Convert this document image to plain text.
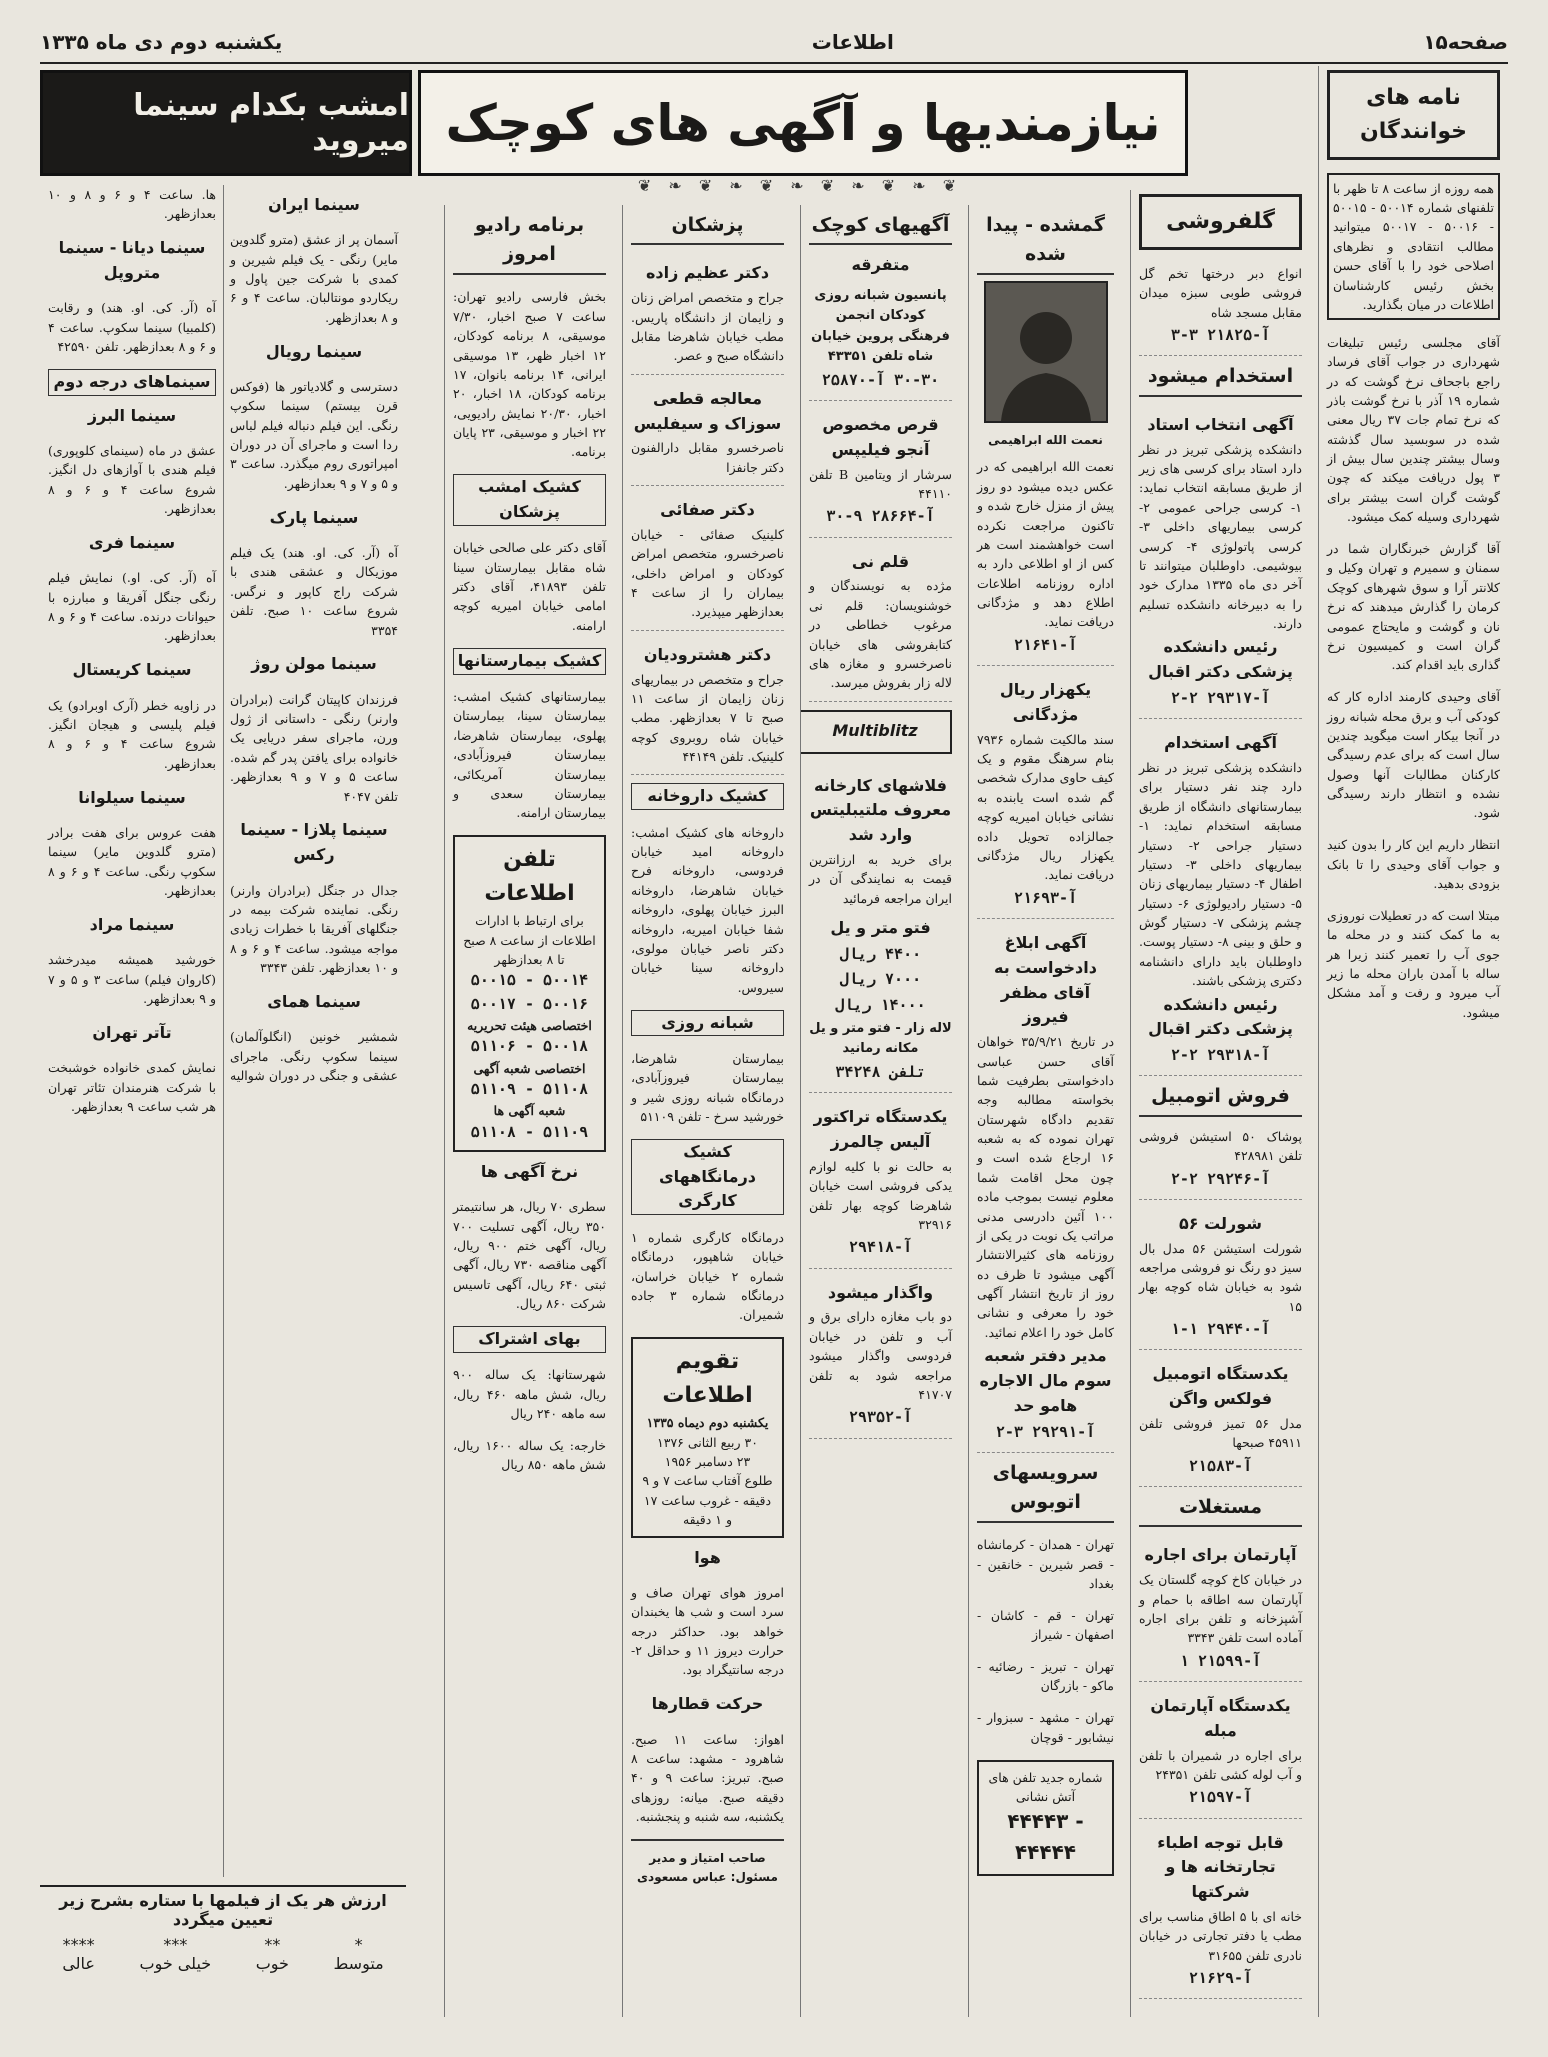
صفحه۱۵
اطلاعات
یکشنبه دوم دی ماه ۱۳۳۵
نیازمندیها و آگهی های کوچک
❦ ❧ ❦ ❧ ❦ ❧ ❦ ❧ ❦ ❧ ❦
امشب بکدام سینما میروید
نامه های خوانندگان

همه روزه از ساعت ۸ تا ظهر با تلفنهای شماره ۵۰۰۱۴ - ۵۰۰۱۵ - ۵۰۰۱۶ - ۵۰۰۱۷ میتوانید مطالب انتقادی و نظرهای اصلاحی خود را با آقای حسن بخش رئیس کارشناسان اطلاعات در میان بگذارید.

آقای مجلسی رئیس تبلیغات شهرداری در جواب آقای فرساد راجع باجحاف نرخ گوشت که در شماره ۱۹ آذر با نرخ گوشت باذر که نرخ تمام جات ۳۷ ریال معنی شده در سوبسید سال گذشته وسال بیشتر چندین سال بیش از ۳ پول دریافت میکند که چون گوشت گران است بیشتر برای شهرداری وسیله کمک میشود.

آقا گزارش خبرنگاران شما در سمنان و سمیرم و تهران وکیل و کلانتر آرا و سوق شهرهای کوچک کرمان را گذارش میدهند که نرخ نان و گوشت و مایحتاج عمومی گران است و کمیسیون نرخ گذاری باید اقدام کند.

آقای وحیدی کارمند اداره کار که کودکی آب و برق محله شبانه روز در آنجا بیکار است میگوید چندین سال است که برای عدم رسیدگی کارکنان مطالبات آنها وصول نشده و انتظار دارند رسیدگی شود.

انتظار داریم این کار را بدون کنید و جواب آقای وحیدی را تا بانک بزودی بدهید.

مبتلا است که در تعطیلات نوروزی به ما کمک کنند و در محله ما جوی آب را تعمیر کنند زیرا هر ساله با آمدن باران محله ما زیر آب میرود و رفت و آمد مشکل میشود.

گلفروشی

انواع دبر درختها تخم گل فروشی طوبی سبزه میدان مقابل مسجد شاه

آ-۲۱۸۲۵ ۳-۳

استخدام میشود
آگهی انتخاب استاد

دانشکده پزشکی تبریز در نظر دارد استاد برای کرسی های زیر از طریق مسابقه انتخاب نماید: ۱- کرسی جراحی عمومی ۲- کرسی بیماریهای داخلی ۳- کرسی پاتولوژی ۴- کرسی بیوشیمی. داوطلبان میتوانند تا آخر دی ماه ۱۳۳۵ مدارک خود را به دبیرخانه دانشکده تسلیم دارند.

رئیس دانشکده پزشکی دکتر اقبال

آ-۲۹۳۱۷ ۲-۲

آگهی استخدام

دانشکده پزشکی تبریز در نظر دارد چند نفر دستیار برای بیمارستانهای دانشگاه از طریق مسابقه استخدام نماید: ۱- دستیار جراحی ۲- دستیار بیماریهای داخلی ۳- دستیار اطفال ۴- دستیار بیماریهای زنان ۵- دستیار رادیولوژی ۶- دستیار چشم پزشکی ۷- دستیار گوش و حلق و بینی ۸- دستیار پوست. داوطلبان باید دارای دانشنامه دکتری پزشکی باشند.

رئیس دانشکده پزشکی دکتر اقبال

آ-۲۹۳۱۸ ۲-۲

فروش اتومبیل

پوشاک ۵۰ استیشن فروشی تلفن ۴۲۸۹۸۱

آ-۲۹۲۴۶ ۲-۲

شورلت ۵۶

شورلت استیشن ۵۶ مدل بال سیز دو رنگ نو فروشی مراجعه شود به خیابان شاه کوچه بهار ۱۵

آ-۲۹۴۴۰ ۱-۱

یکدستگاه اتومبیل فولکس واگن

مدل ۵۶ تمیز فروشی تلفن ۴۵۹۱۱ صبحها

آ-۲۱۵۸۳

مستغلات
آپارتمان برای اجاره

در خیابان کاخ کوچه گلستان یک آپارتمان سه اطاقه با حمام و آشپزخانه و تلفن برای اجاره آماده است تلفن ۳۳۴۳

آ-۲۱۵۹۹ ۱

یکدستگاه آپارتمان مبله

برای اجاره در شمیران با تلفن و آب لوله کشی تلفن ۲۴۳۵۱

آ-۲۱۵۹۷

قابل توجه اطباء تجارتخانه ها و شرکتها

خانه ای با ۵ اطاق مناسب برای مطب یا دفتر تجارتی در خیابان نادری تلفن ۳۱۶۵۵

آ-۲۱۶۲۹

گمشده - پیدا شده

نعمت الله ابراهیمی

نعمت الله ابراهیمی که در عکس دیده میشود دو روز پیش از منزل خارج شده و تاکنون مراجعت نکرده است خواهشمند است هر کس از او اطلاعی دارد به اداره روزنامه اطلاعات اطلاع دهد و مژدگانی دریافت نماید.

آ-۲۱۶۴۱

یکهزار ریال مژدگانی

سند مالکیت شماره ۷۹۳۶ بنام سرهنگ مقوم و یک کیف حاوی مدارک شخصی گم شده است یابنده به نشانی خیابان امیریه کوچه جمالزاده تحویل داده یکهزار ریال مژدگانی دریافت نماید.

آ-۲۱۶۹۳

آگهی ابلاغ دادخواست به آقای مظفر فیروز

در تاریخ ۳۵/۹/۲۱ خواهان آقای حسن عباسی دادخواستی بطرفیت شما بخواسته مطالبه وجه تقدیم دادگاه شهرستان تهران نموده که به شعبه ۱۶ ارجاع شده است و چون محل اقامت شما معلوم نیست بموجب ماده ۱۰۰ آئین دادرسی مدنی مراتب یک نوبت در یکی از روزنامه های کثیرالانتشار آگهی میشود تا ظرف ده روز از تاریخ انتشار آگهی خود را معرفی و نشانی کامل خود را اعلام نمائید.

مدیر دفتر شعبه سوم مال الاجاره هامو حد

آ-۲۹۲۹۱ ۳-۲

سرویسهای اتوبوس

تهران - همدان - کرمانشاه - قصر شیرین - خانقین - بغداد

تهران - قم - کاشان - اصفهان - شیراز

تهران - تبریز - رضائیه - ماکو - بازرگان

تهران - مشهد - سبزوار - نیشابور - قوچان

شماره جدید تلفن های آتش نشانی
۴۴۴۴۳ - ۴۴۴۴۴
آگهیهای کوچک
متفرقه

پانسیون شبانه روزی کودکان انجمن فرهنگی پروین خیابان شاه تلفن ۴۳۳۵۱

۳۰-۳۰ آ-۲۵۸۷۰

قرص مخصوص آنجو فیلیپس

سرشار از ویتامین B تلفن ۴۴۱۱۰

آ-۲۸۶۶۴ ۹-۳۰

قلم نی

مژده به نویسندگان و خوشنویسان: قلم نی مرغوب خطاطی در کتابفروشی های خیابان ناصرخسرو و مغازه های لاله زار بفروش میرسد.

Multiblitz
فلاشهای کارخانه معروف ملتیبلیتس وارد شد

برای خرید به ارزانترین قیمت به نمایندگی آن در ایران مراجعه فرمائید

فتو متر و یل

۴۴۰۰ ریال

۷۰۰۰ ریال

۱۴۰۰۰ ریال

لاله زار - فتو متر و یل مکانه رمانید

تلفن ۳۴۲۴۸

یکدستگاه تراکتور آلیس چالمرز

به حالت نو با کلیه لوازم یدکی فروشی است خیابان شاهرضا کوچه بهار تلفن ۳۲۹۱۶

آ-۲۹۴۱۸

واگذار میشود

دو باب مغازه دارای برق و آب و تلفن در خیابان فردوسی واگذار میشود مراجعه شود به تلفن ۴۱۷۰۷

آ-۲۹۳۵۲

پزشکان
دکتر عظیم زاده

جراح و متخصص امراض زنان و زایمان از دانشگاه پاریس. مطب خیابان شاهرضا مقابل دانشگاه صبح و عصر.

معالجه قطعی سوزاک و سیفلیس

ناصرخسرو مقابل دارالفنون دکتر جانفزا

دکتر صفائی

کلینیک صفائی - خیابان ناصرخسرو، متخصص امراض کودکان و امراض داخلی، بیماران را از ساعت ۴ بعدازظهر میپذیرد.

دکتر هشترودیان

جراح و متخصص در بیماریهای زنان زایمان از ساعت ۱۱ صبح تا ۷ بعدازظهر. مطب خیابان شاه روبروی کوچه کلینیک. تلفن ۴۴۱۴۹

کشیک داروخانه

داروخانه های کشیک امشب: داروخانه امید خیابان فردوسی، داروخانه فرح خیابان شاهرضا، داروخانه البرز خیابان پهلوی، داروخانه شفا خیابان امیریه، داروخانه دکتر ناصر خیابان مولوی، داروخانه سینا خیابان سیروس.

شبانه روزی

بیمارستان شاهرضا، بیمارستان فیروزآبادی، درمانگاه شبانه روزی شیر و خورشید سرخ - تلفن ۵۱۱۰۹

کشیک درمانگاههای کارگری

درمانگاه کارگری شماره ۱ خیابان شاهپور، درمانگاه شماره ۲ خیابان خراسان، درمانگاه شماره ۳ جاده شمیران.

تقویم اطلاعات
یکشنبه دوم دیماه ۱۳۳۵
۳۰ ربیع الثانی ۱۳۷۶
۲۳ دسامبر ۱۹۵۶
طلوع آفتاب ساعت ۷ و ۹ دقیقه - غروب ساعت ۱۷ و ۱ دقیقه
هوا

امروز هوای تهران صاف و سرد است و شب ها یخبندان خواهد بود. حداکثر درجه حرارت دیروز ۱۱ و حداقل ۲- درجه سانتیگراد بود.

حرکت قطارها

اهواز: ساعت ۱۱ صبح. شاهرود - مشهد: ساعت ۸ صبح. تبریز: ساعت ۹ و ۴۰ دقیقه صبح. میانه: روزهای یکشنبه، سه شنبه و پنجشنبه.

صاحب امتیاز و مدیر مسئول: عباس مسعودی

برنامه رادیو امروز

بخش فارسی رادیو تهران: ساعت ۷ صبح اخبار، ۷/۳۰ موسیقی، ۸ برنامه کودکان، ۱۲ اخبار ظهر، ۱۳ موسیقی ایرانی، ۱۴ برنامه بانوان، ۱۷ برنامه کودکان، ۱۸ اخبار، ۲۰ اخبار، ۲۰/۳۰ نمایش رادیویی، ۲۲ اخبار و موسیقی، ۲۳ پایان برنامه.

کشیک امشب پزشکان

آقای دکتر علی صالحی خیابان شاه مقابل بیمارستان سینا تلفن ۴۱۸۹۳، آقای دکتر امامی خیابان امیریه کوچه ارامنه.

کشیک بیمارستانها

بیمارستانهای کشیک امشب: بیمارستان سینا، بیمارستان پهلوی، بیمارستان شاهرضا، بیمارستان فیروزآبادی، بیمارستان آمریکائی، بیمارستان سعدی و بیمارستان ارامنه.

تلفن اطلاعات
برای ارتباط با ادارات اطلاعات از ساعت ۸ صبح تا ۸ بعدازظهر
۵۰۰۱۴ - ۵۰۰۱۵
۵۰۰۱۶ - ۵۰۰۱۷
اختصاصی هیئت تحریریه
۵۰۰۱۸ - ۵۱۱۰۶
اختصاصی شعبه آگهی
۵۱۱۰۸ - ۵۱۱۰۹
شعبه آگهی ها
۵۱۱۰۹ - ۵۱۱۰۸
نرخ آگهی ها

سطری ۷۰ ریال، هر سانتیمتر ۳۵۰ ریال، آگهی تسلیت ۷۰۰ ریال، آگهی ختم ۹۰۰ ریال، آگهی مناقصه ۷۳۰ ریال، آگهی ثبتی ۶۴۰ ریال، آگهی تاسیس شرکت ۸۶۰ ریال.

بهای اشتراک

شهرستانها: یک ساله ۹۰۰ ریال، شش ماهه ۴۶۰ ریال، سه ماهه ۲۴۰ ریال

خارجه: یک ساله ۱۶۰۰ ریال، شش ماهه ۸۵۰ ریال

سینما ایران

آسمان پر از عشق (مترو گلدوین مایر) رنگی - یک فیلم شیرین و کمدی با شرکت جین پاول و ریکاردو مونتالبان. ساعت ۴ و ۶ و ۸ بعدازظهر.

سینما رویال

دسترسی و گلادیاتور ها (فوکس قرن بیستم) سینما سکوپ رنگی. این فیلم دنباله فیلم لباس ردا است و ماجرای آن در دوران امپراتوری روم میگذرد. ساعت ۳ و ۵ و ۷ و ۹ بعدازظهر.

سینما پارک

آه (آر. کی. او. هند) یک فیلم موزیکال و عشقی هندی با شرکت راج کاپور و نرگس. شروع ساعت ۱۰ صبح. تلفن ۳۳۵۴

سینما مولن روژ

فرزندان کاپیتان گرانت (برادران وارنر) رنگی - داستانی از ژول ورن، ماجرای سفر دریایی یک خانواده برای یافتن پدر گم شده. ساعت ۵ و ۷ و ۹ بعدازظهر. تلفن ۴۰۴۷

سینما پلازا - سینما رکس

جدال در جنگل (برادران وارنر) رنگی. نماینده شرکت بیمه در جنگلهای آفریقا با خطرات زیادی مواجه میشود. ساعت ۴ و ۶ و ۸ و ۱۰ بعدازظهر. تلفن ۳۳۴۳

سینما همای

شمشیر خونین (انگلوآلمان) سینما سکوپ رنگی. ماجرای عشقی و جنگی در دوران شوالیه ها. ساعت ۴ و ۶ و ۸ و ۱۰ بعدازظهر.

سینما دیانا - سینما متروپل

آه (آر. کی. او. هند) و رقابت (کلمبیا) سینما سکوپ. ساعت ۴ و ۶ و ۸ بعدازظهر. تلفن ۴۲۵۹۰

سینماهای درجه دوم
سینما البرز

عشق در ماه (سینمای کلوپوری) فیلم هندی با آوازهای دل انگیز. شروع ساعت ۴ و ۶ و ۸ بعدازظهر.

سینما فری

آه (آر. کی. او.) نمایش فیلم رنگی جنگل آفریقا و مبارزه با حیوانات درنده. ساعت ۴ و ۶ و ۸ بعدازظهر.

سینما کریستال

در زاویه خطر (آرک اوبرادو) یک فیلم پلیسی و هیجان انگیز. شروع ساعت ۴ و ۶ و ۸ بعدازظهر.

سینما سیلوانا

هفت عروس برای هفت برادر (مترو گلدوین مایر) سینما سکوپ رنگی. ساعت ۴ و ۶ و ۸ بعدازظهر.

سینما مراد

خورشید همیشه میدرخشد (کاروان فیلم) ساعت ۳ و ۵ و ۷ و ۹ بعدازظهر.

تآتر تهران

نمایش کمدی خانواده خوشبخت با شرکت هنرمندان تئاتر تهران هر شب ساعت ۹ بعدازظهر.

ارزش هر یک از فیلمها با ستاره بشرح زیر تعیین میگردد
*
متوسط
**
خوب
***
خیلی خوب
****
عالی
